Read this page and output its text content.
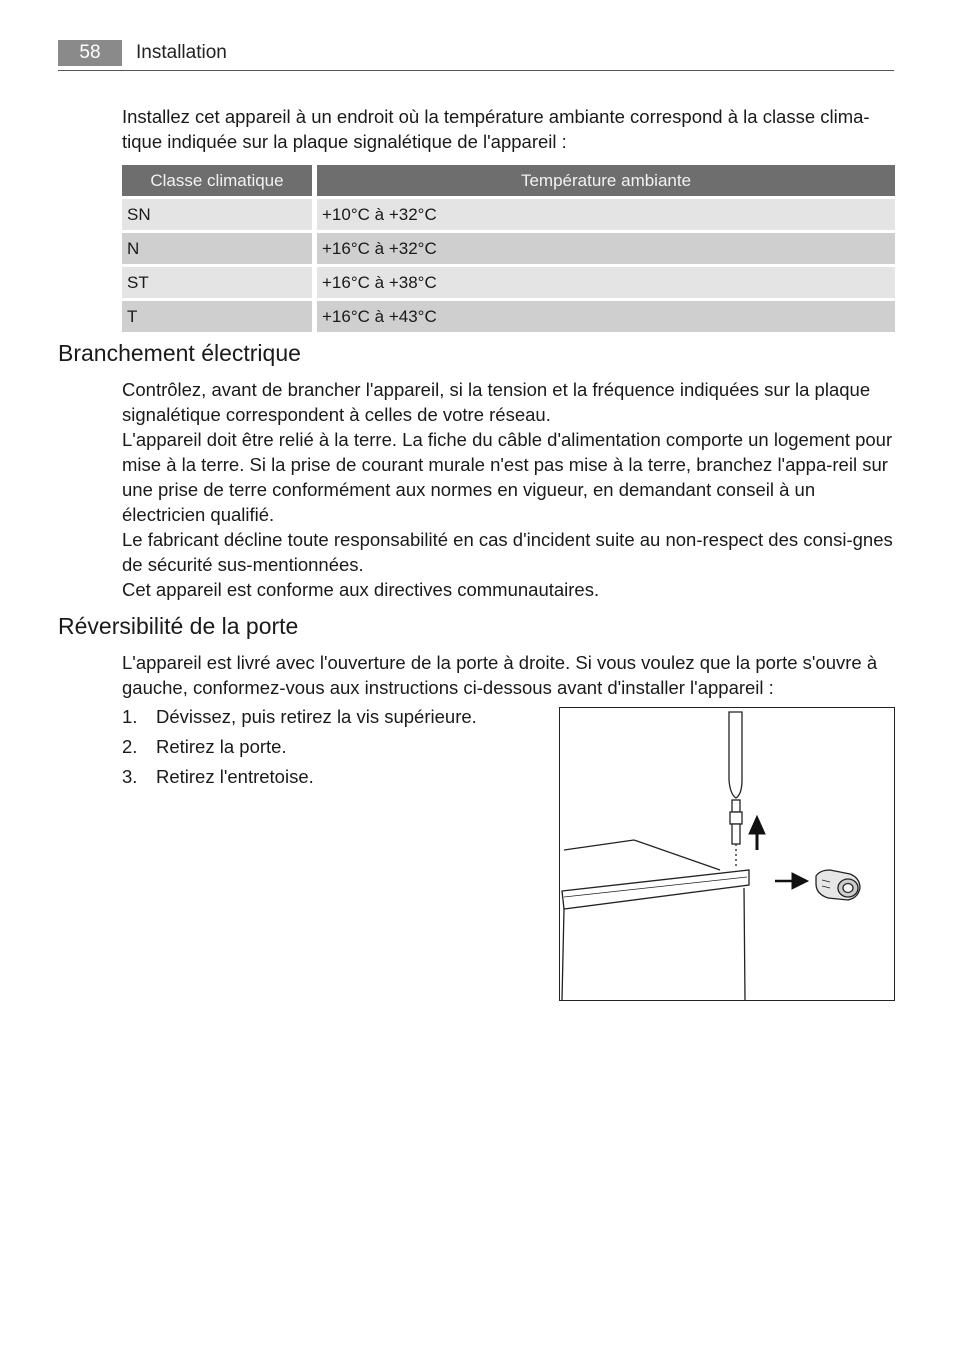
58	Installation

Installez cet appareil à un endroit où la température ambiante correspond à la classe clima-tique indiquée sur la plaque signalétique de l'appareil :

Classe climatique		Température ambiante
SN		+10°C à +32°C
N		+16°C à +32°C
ST		+16°C à +38°C
T		+16°C à +43°C
Branchement électrique

Contrôlez, avant de brancher l'appareil, si la tension et la fréquence indiquées sur la plaque signalétique correspondent à celles de votre réseau.

L'appareil doit être relié à la terre. La fiche du câble d'alimentation comporte un logement pour mise à la terre. Si la prise de courant murale n'est pas mise à la terre, branchez l'appa-reil sur une prise de terre conformément aux normes en vigueur, en demandant conseil à un électricien qualifié.

Le fabricant décline toute responsabilité en cas d'incident suite au non-respect des consi-gnes de sécurité sus-mentionnées.

Cet appareil est conforme aux directives communautaires.

Réversibilité de la porte

L'appareil est livré avec l'ouverture de la porte à droite. Si vous voulez que la porte s'ouvre à gauche, conformez-vous aux instructions ci-dessous avant d'installer l'appareil :

1. Dévissez, puis retirez la vis supérieure.
2. Retirez la porte.
3. Retirez l'entretoise.
